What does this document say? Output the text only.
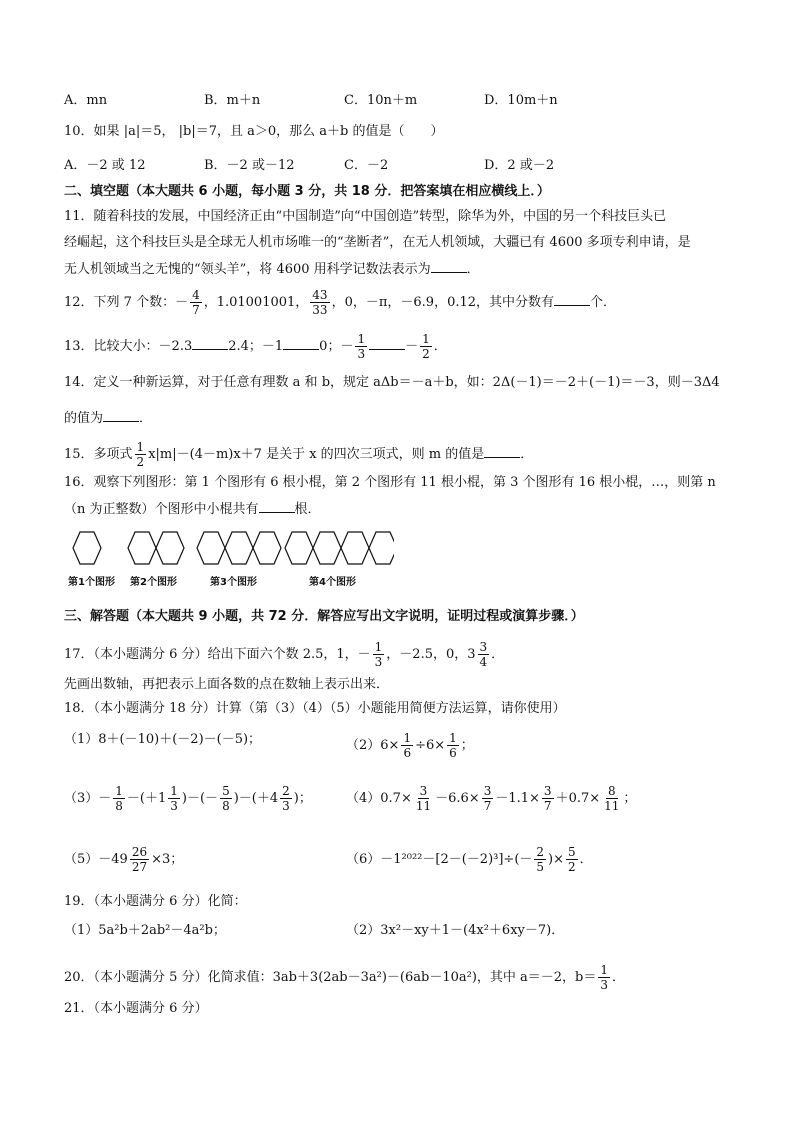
A．mn	B．m＋n	C．10n＋m	D．10m＋n
10．如果 |a|＝5， |b|＝7，且 a＞0，那么 a＋b 的值是（　　）
A．－2 或 12	B．－2 或－12	C．－2	D．2 或－2
二、填空题（本大题共 6 小题，每小题 3 分，共 18 分．把答案填在相应横线上．）
11．随着科技的发展，中国经济正由“中国制造”向“中国创造”转型，除华为外，中国的另一个科技巨头已
经崛起，这个科技巨头是全球无人机市场唯一的“垄断者”，在无人机领域，大疆已有 4600 多项专利申请，是
无人机领域当之无愧的“领头羊”，将 4600 用科学记数法表示为	．
12．下列 7 个数：－ $\frac{4}{7}$ ，1.01001001， $\frac{43}{33}$ ，0，－π，－6.9，0.12，其中分数有	个．
13．比较大小：－2.3	2.4；－1	0；－ $\frac{1}{3}$	－ $\frac{1}{2}$ ．
14．定义一种新运算，对于任意有理数 a 和 b，规定 aΔb＝－a＋b，如：2Δ(－1)＝－2＋(－1)＝－3，则－3Δ4
的值为	．
15．多项式 $\frac{1}{2} x|m|-(4-m)x+7$ 是关于 x 的四次三项式，则 m 的值是	．
16．观察下列图形：第 1 个图形有 6 根小棍，第 2 个图形有 11 根小棍，第 3 个图形有 16 根小棍，…，则第 n
（n 为正整数）个图形中小棍共有	根．
第1个图形 第2个图形	第3个图形	第4个图形
三、解答题（本大题共 9 小题，共 72 分．解答应写出文字说明，证明过程或演算步骤．）
17．（本小题满分 6 分）给出下面六个数 2.5，1，－ $\frac{1}{3}$ ，－2.5，0，$3 \frac{3}{4}$ ．
先画出数轴，再把表示上面各数的点在数轴上表示出来．
18．（本小题满分 18 分）计算（第（3）（4）（5）小题能用简便方法运算，请你使用）
（1）8＋(－10)＋(－2)－(－5)；	$(2)6\times \frac{1}{6} \div 6\times \frac{1}{6}$ ；
$(3)- \frac{1}{8} -(+1 \frac{1}{3}$ )－(－ $\frac{5}{8} )-(+4 \frac{2}{3}$ )；	$(4)0.7\times \frac{3}{11} -6.6\times \frac{3}{7} -1.1\times \frac{3}{7} +0.7\times \frac{8}{11}$ ；
$(5)-49 \frac{26}{27} \times 3$；	$(6)-1^{2022}-[2-(-2)^3]\div(- \frac{2}{5}$ )× $\frac{5}{2}$ ．
19．（本小题满分 6 分）化简：
（1）5a²b＋2ab²－4a²b；	（2）3x²－xy＋1－(4x²＋6xy－7)．
20．（本小题满分 5 分）化简求值：3ab＋3(2ab－3a²)－(6ab－10a²)，其中 a＝－2，$b= \frac{1}{3}$ ．
21．（本小题满分 6 分）
